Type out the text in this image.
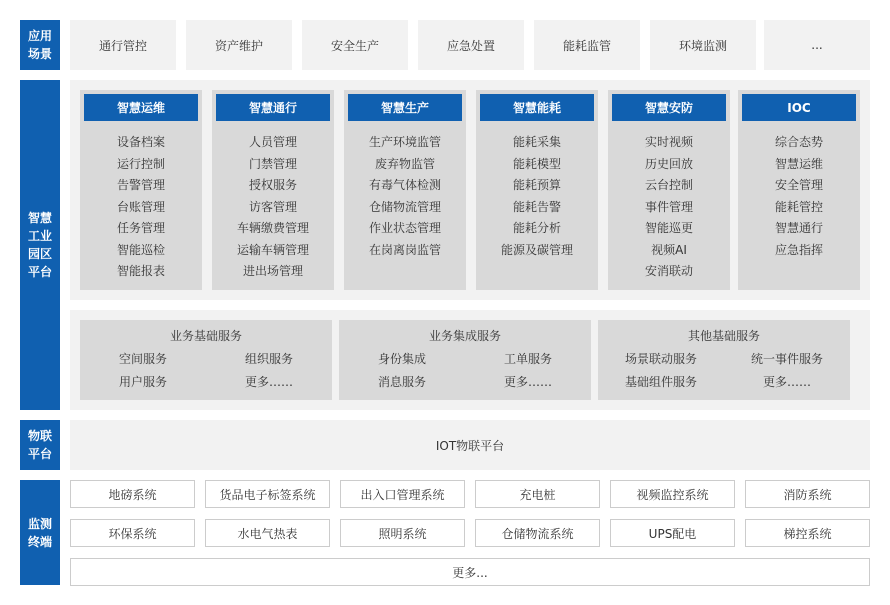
应用场景
智慧工业园区平台
物联平台
监测终端
通行管控	资产维护	安全生产	应急处置	能耗监管	环境监测	...
智慧运维
设备档案
运行控制
告警管理
台账管理
任务管理
智能巡检
智能报表
智慧通行
人员管理
门禁管理
授权服务
访客管理
车辆缴费管理
运输车辆管理
进出场管理
智慧生产
生产环境监管
废弃物监管
有毒气体检测
仓储物流管理
作业状态管理
在岗离岗监管
智慧能耗
能耗采集
能耗模型
能耗预算
能耗告警
能耗分析
能源及碳管理
智慧安防
实时视频
历史回放
云台控制
事件管理
智能巡更
视频AI
安消联动
IOC
综合态势
智慧运维
安全管理
能耗管控
智慧通行
应急指挥
业务基础服务
空间服务	组织服务
用户服务	更多……
业务集成服务
身份集成	工单服务
消息服务	更多……
其他基础服务
场景联动服务	统一事件服务
基础组件服务	更多……
IOT物联平台
地磅系统	货品电子标签系统	出入口管理系统	充电桩	视频监控系统	消防系统
环保系统	水电气热表	照明系统	仓储物流系统	UPS配电	梯控系统
更多...
